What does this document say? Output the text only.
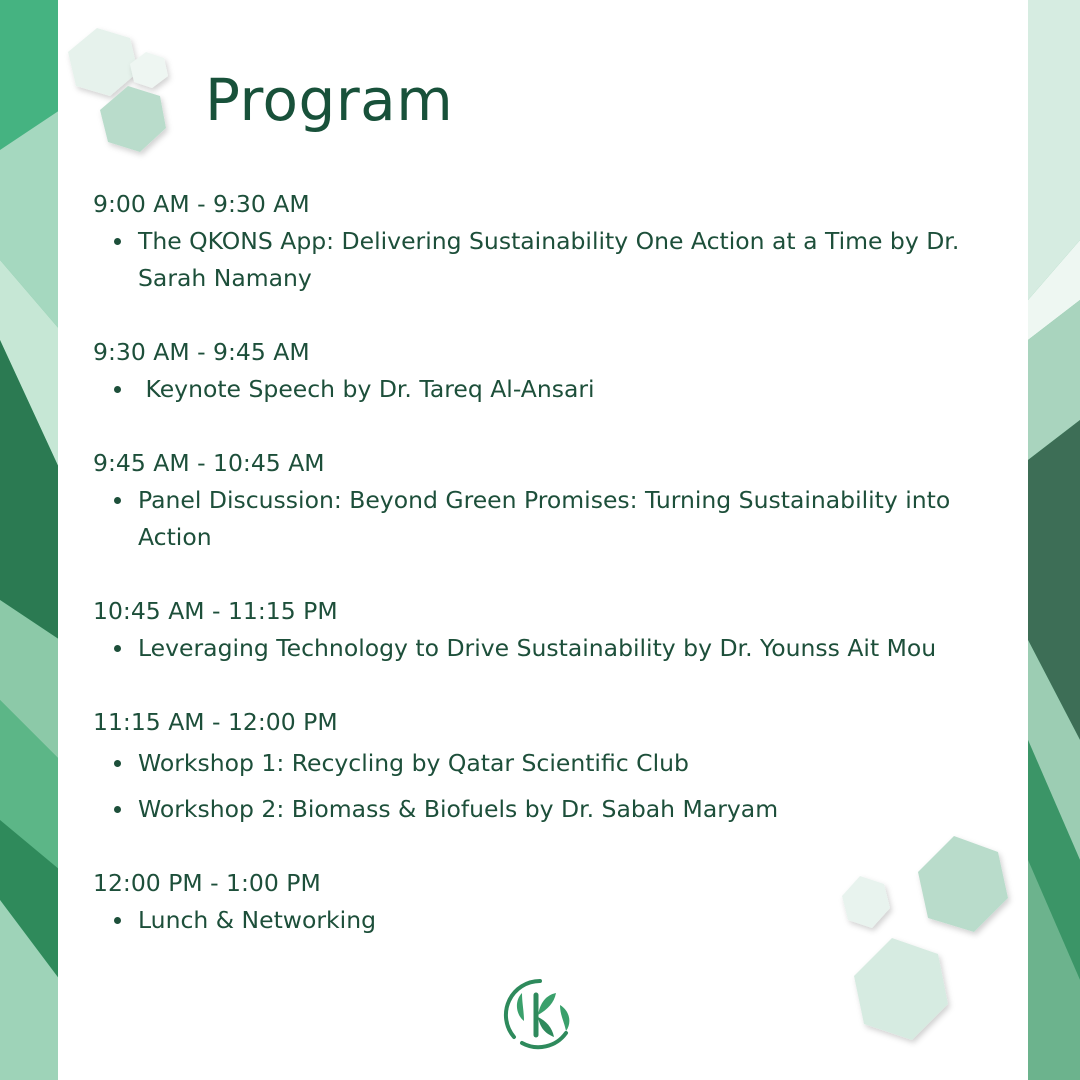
Program

9:00 AM - 9:30 AM

The QKONS App: Delivering Sustainability One Action at a Time by Dr. Sarah Namany

9:30 AM - 9:45 AM

Keynote Speech by Dr. Tareq Al-Ansari

9:45 AM - 10:45 AM

Panel Discussion: Beyond Green Promises: Turning Sustainability into Action

10:45 AM - 11:15 PM

Leveraging Technology to Drive Sustainability by Dr. Younss Ait Mou

11:15 AM - 12:00 PM

Workshop 1: Recycling by Qatar Scientific Club
Workshop 2: Biomass & Biofuels by Dr. Sabah Maryam

12:00 PM - 1:00 PM

Lunch & Networking
